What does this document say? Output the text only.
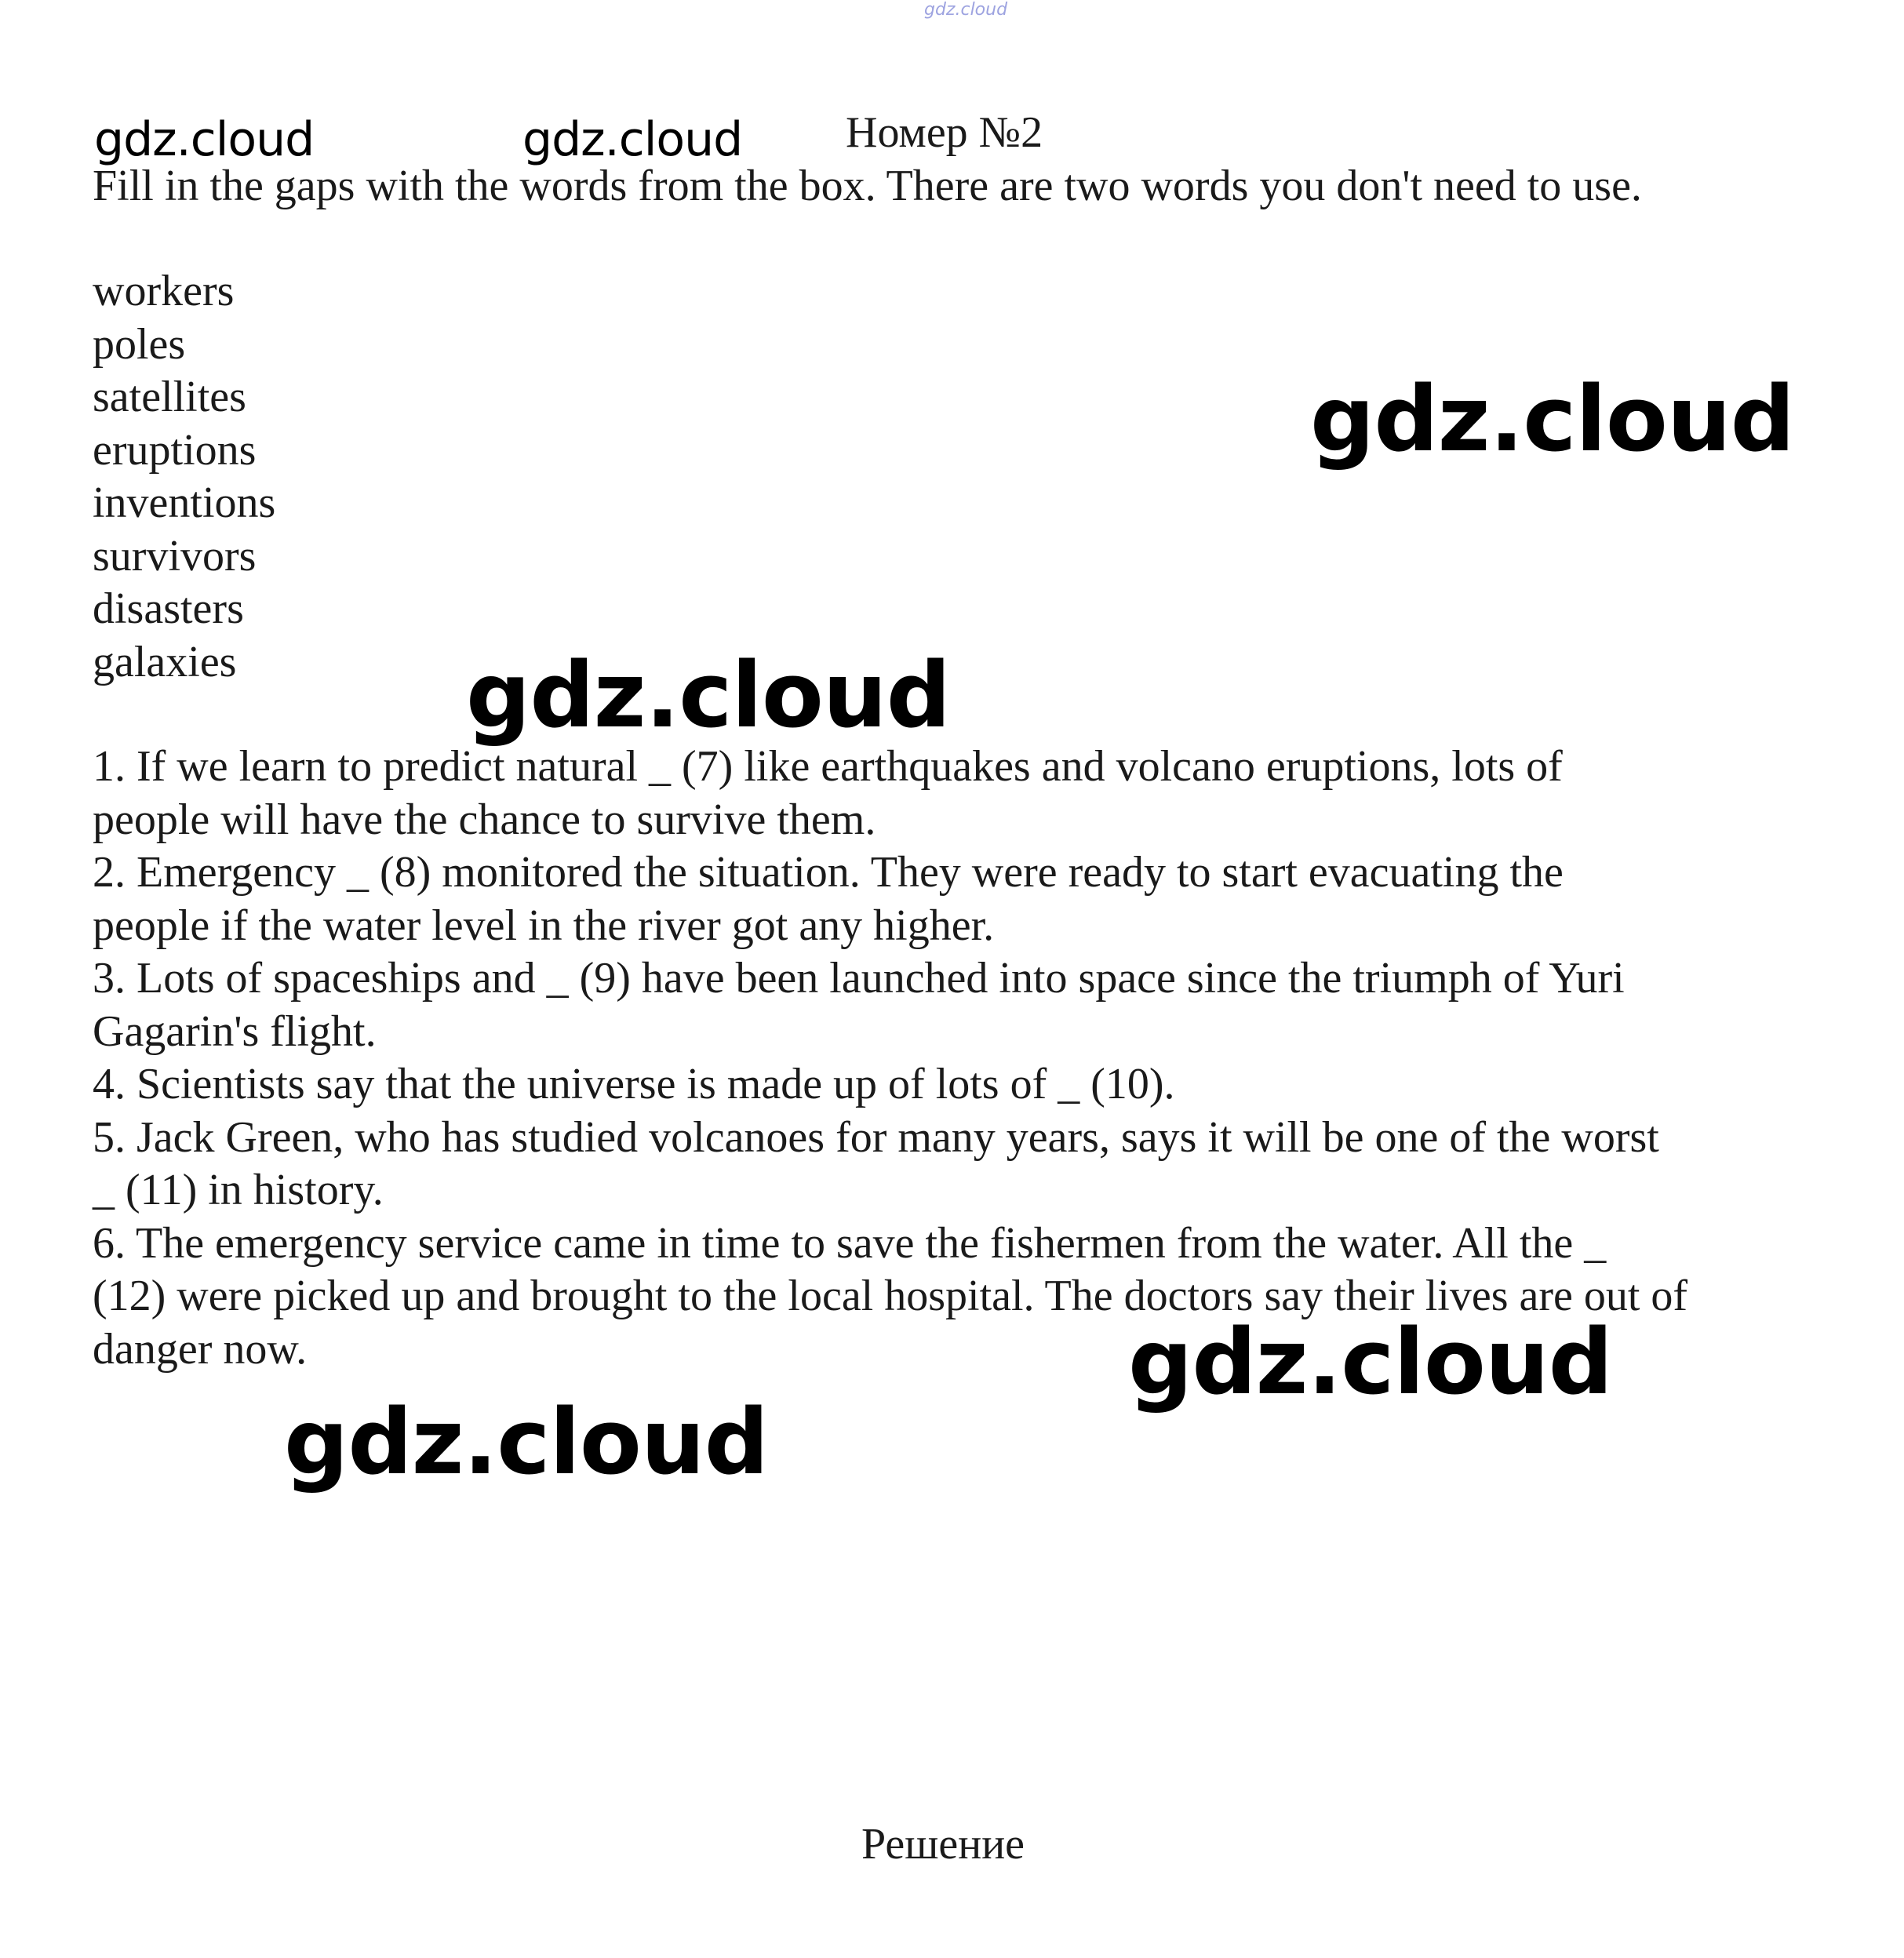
gdz.cloud
Номер №2
Fill in the gaps with the words from the box. There are two words you don't need to use.
workers
poles
satellites
eruptions
inventions
survivors
disasters
galaxies
1. If we learn to predict natural _ (7) like earthquakes and volcano eruptions, lots of
people will have the chance to survive them.
2. Emergency _ (8) monitored the situation. They were ready to start evacuating the
people if the water level in the river got any higher.
3. Lots of spaceships and _ (9) have been launched into space since the triumph of Yuri
Gagarin's flight.
4. Scientists say that the universe is made up of lots of _ (10).
5. Jack Green, who has studied volcanoes for many years, says it will be one of the worst
_ (11) in history.
6. The emergency service came in time to save the fishermen from the water. All the _
(12) were picked up and brought to the local hospital. The doctors say their lives are out of
danger now.
Решение
gdz.cloud	gdz.cloud
gdz.cloud
gdz.cloud
gdz.cloud
gdz.cloud
